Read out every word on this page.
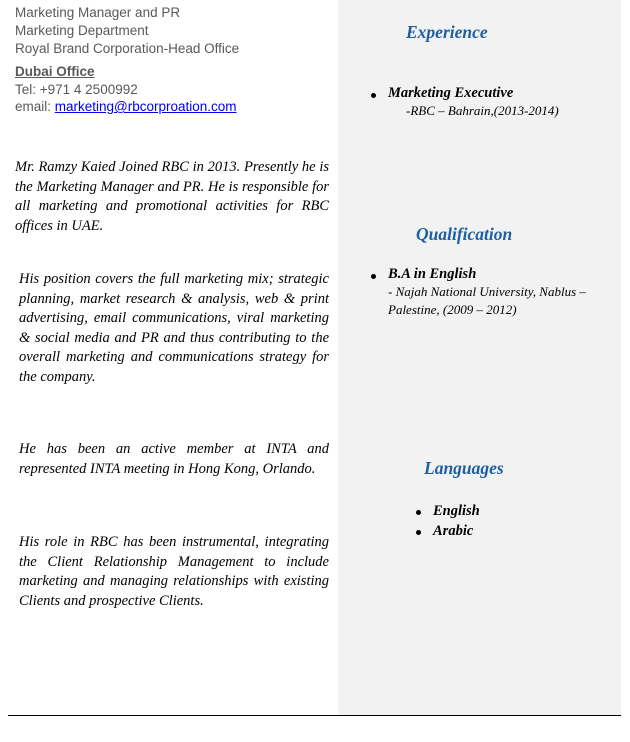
Marketing Manager and PR
Marketing Department
Royal Brand Corporation-Head Office
Dubai Office
Tel: +971 4 2500992
email: marketing@rbcorproation.com

Mr. Ramzy Kaied Joined RBC in 2013. Presently he is the Marketing Manager and PR. He is responsible for all marketing and promotional activities for RBC offices in UAE.

His position covers the full marketing mix; strategic planning, market research & analysis, web & print advertising, email communications, viral marketing & social media and PR and thus contributing to the overall marketing and communications strategy for the company.

He has been an active member at INTA and represented INTA meeting in Hong Kong, Orlando.

His role in RBC has been instrumental, integrating the Client Relationship Management to include marketing and managing relationships with existing Clients and prospective Clients.

Experience
Marketing Executive
-RBC – Bahrain,(2013-2014)
Qualification
B.A in English
- Najah National University, Nablus – Palestine, (2009 – 2012)
Languages
English
Arabic
